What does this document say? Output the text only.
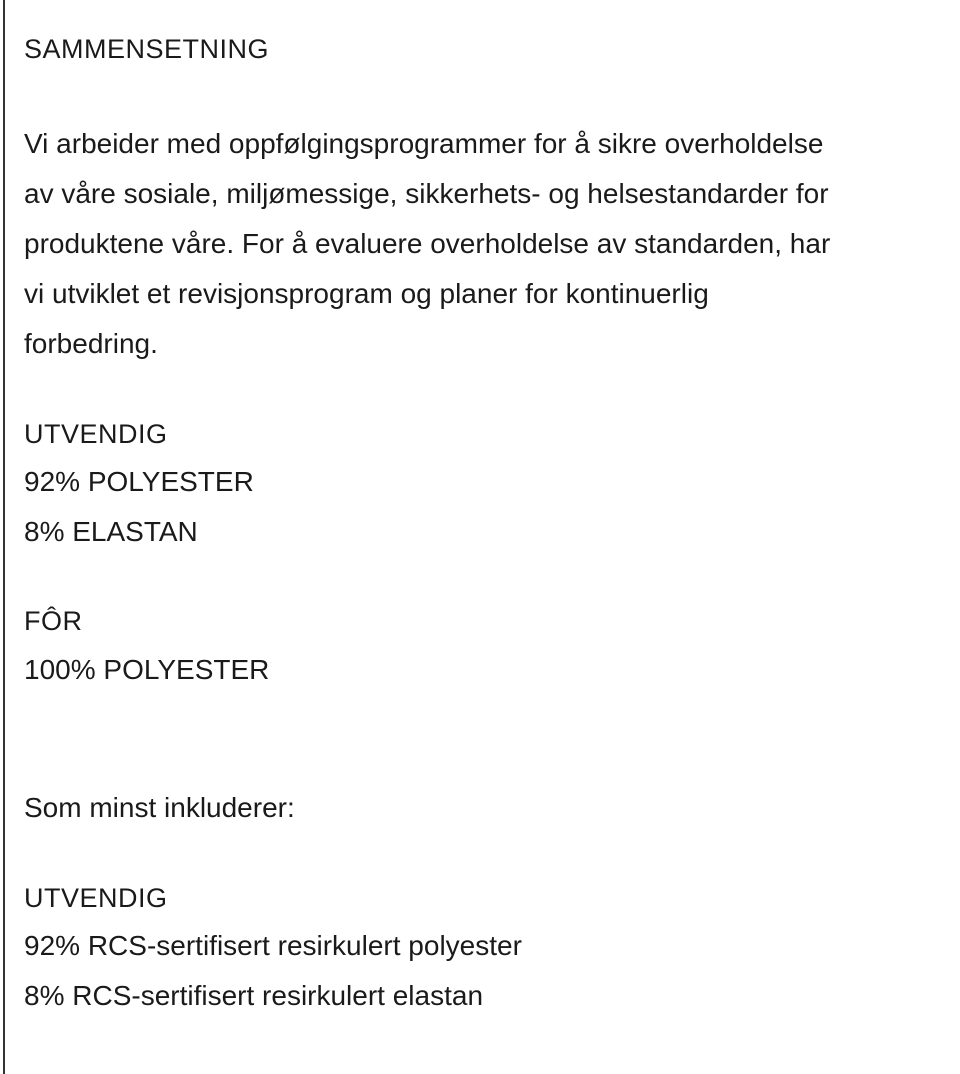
SAMMENSETNING
Vi arbeider med oppfølgingsprogrammer for å sikre overholdelse
av våre sosiale, miljømessige, sikkerhets- og helsestandarder for
produktene våre. For å evaluere overholdelse av standarden, har
vi utviklet et revisjonsprogram og planer for kontinuerlig
forbedring.
UTVENDIG
92% POLYESTER
8% ELASTAN
FÔR
100% POLYESTER
Som minst inkluderer:
UTVENDIG
92% RCS-sertifisert resirkulert polyester
8% RCS-sertifisert resirkulert elastan
